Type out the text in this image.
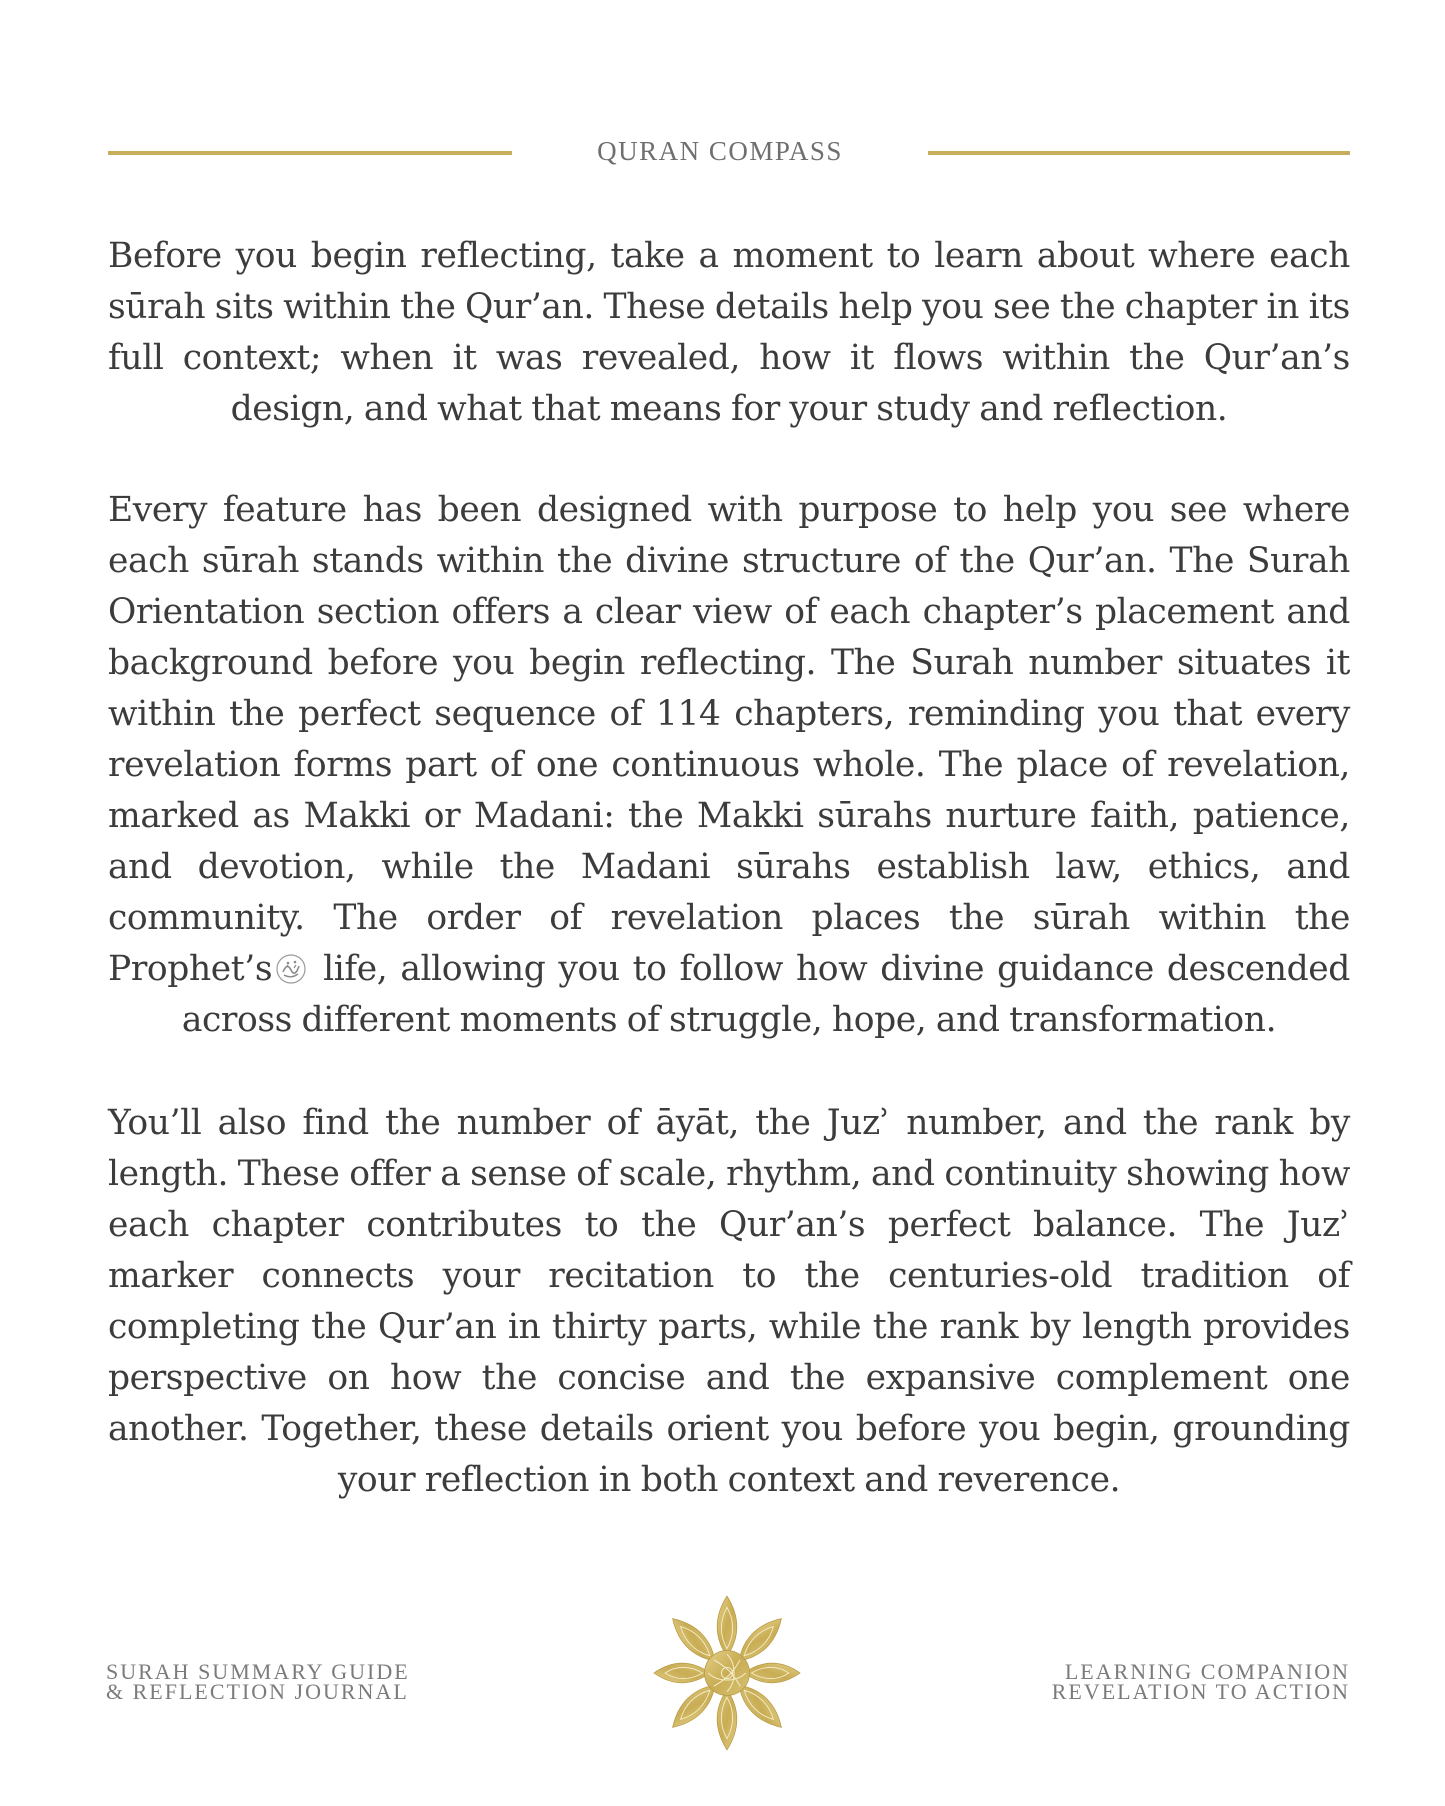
QURAN COMPASS

Before you begin reflecting, take a moment to learn about where each sūrah sits within the Qur’an. These details help you see the chapter in its full context; when it was revealed, how it flows within the Qur’an’s design, and what that means for your study and reflection.

Every feature has been designed with purpose to help you see where each sūrah stands within the divine structure of the Qur’an. The Surah Orientation section offers a clear view of each chapter’s placement and background before you begin reflecting. The Surah number situates it within the perfect sequence of 114 chapters, reminding you that every revelation forms part of one continuous whole. The place of revelation, marked as Makki or Madani: the Makki sūrahs nurture faith, patience, and devotion, while the Madani sūrahs establish law, ethics, and community. The order of revelation places the sūrah within the Prophet’s life, allowing you to follow how divine guidance descended across different moments of struggle, hope, and transformation.

You’ll also find the number of āyāt, the Juzʾ number, and the rank by length. These offer a sense of scale, rhythm, and continuity showing how each chapter contributes to the Qur’an’s perfect balance. The Juzʾ marker connects your recitation to the centuries-old tradition of completing the Qur’an in thirty parts, while the rank by length provides perspective on how the concise and the expansive complement one another. Together, these details orient you before you begin, grounding your reflection in both context and reverence.

SURAH SUMMARY GUIDE
& REFLECTION JOURNAL
LEARNING COMPANION
REVELATION TO ACTION
